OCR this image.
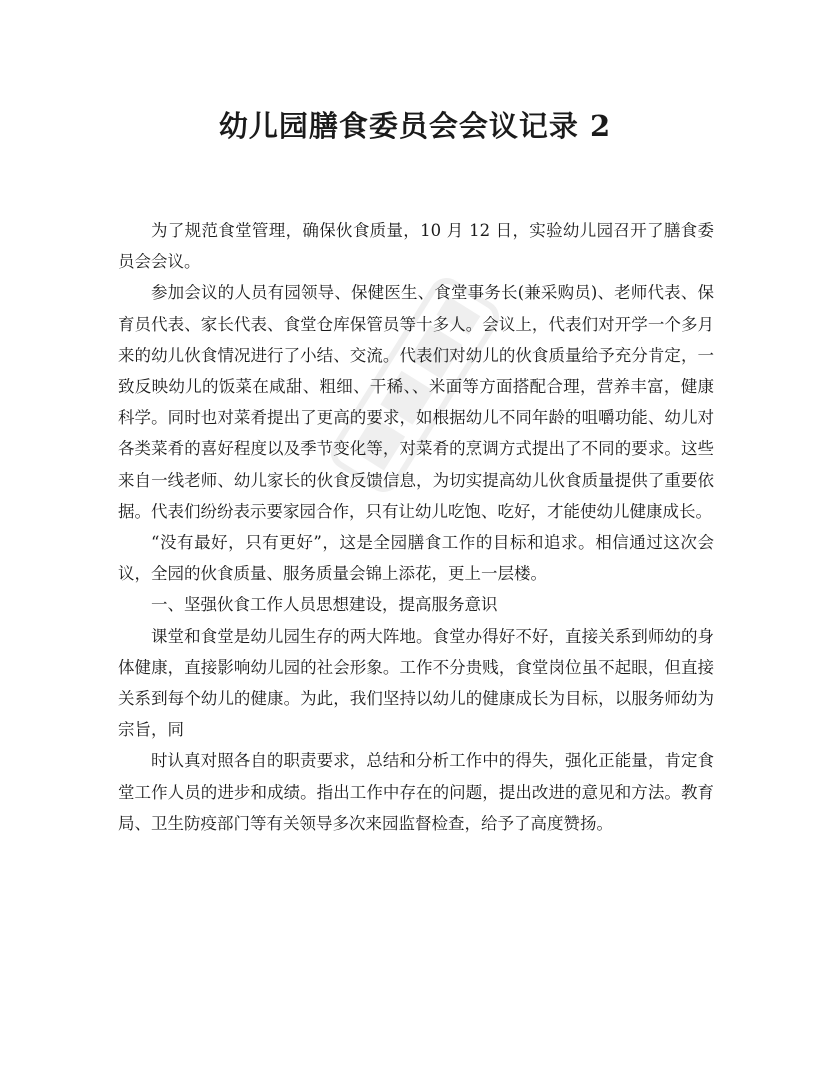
幼儿园膳食委员会会议记录 2

为了规范食堂管理，确保伙食质量，10 月 12 日，实验幼儿园召开了膳食委员会会议。

参加会议的人员有园领导、保健医生、食堂事务长(兼采购员)、老师代表、保育员代表、家长代表、食堂仓库保管员等十多人。会议上，代表们对开学一个多月来的幼儿伙食情况进行了小结、交流。代表们对幼儿的伙食质量给予充分肯定，一致反映幼儿的饭菜在咸甜、粗细、干稀、、米面等方面搭配合理，营养丰富，健康科学。同时也对菜肴提出了更高的要求，如根据幼儿不同年龄的咀嚼功能、幼儿对各类菜肴的喜好程度以及季节变化等，对菜肴的烹调方式提出了不同的要求。这些来自一线老师、幼儿家长的伙食反馈信息，为切实提高幼儿伙食质量提供了重要依据。代表们纷纷表示要家园合作，只有让幼儿吃饱、吃好，才能使幼儿健康成长。

“没有最好，只有更好”，这是全园膳食工作的目标和追求。相信通过这次会议，全园的伙食质量、服务质量会锦上添花，更上一层楼。

一、坚强伙食工作人员思想建设，提高服务意识

课堂和食堂是幼儿园生存的两大阵地。食堂办得好不好，直接关系到师幼的身体健康，直接影响幼儿园的社会形象。工作不分贵贱，食堂岗位虽不起眼，但直接关系到每个幼儿的健康。为此，我们坚持以幼儿的健康成长为目标，以服务师幼为宗旨，同

时认真对照各自的职责要求，总结和分析工作中的得失，强化正能量，肯定食堂工作人员的进步和成绩。指出工作中存在的问题，提出改进的意见和方法。教育局、卫生防疫部门等有关领导多次来园监督检查，给予了高度赞扬。
